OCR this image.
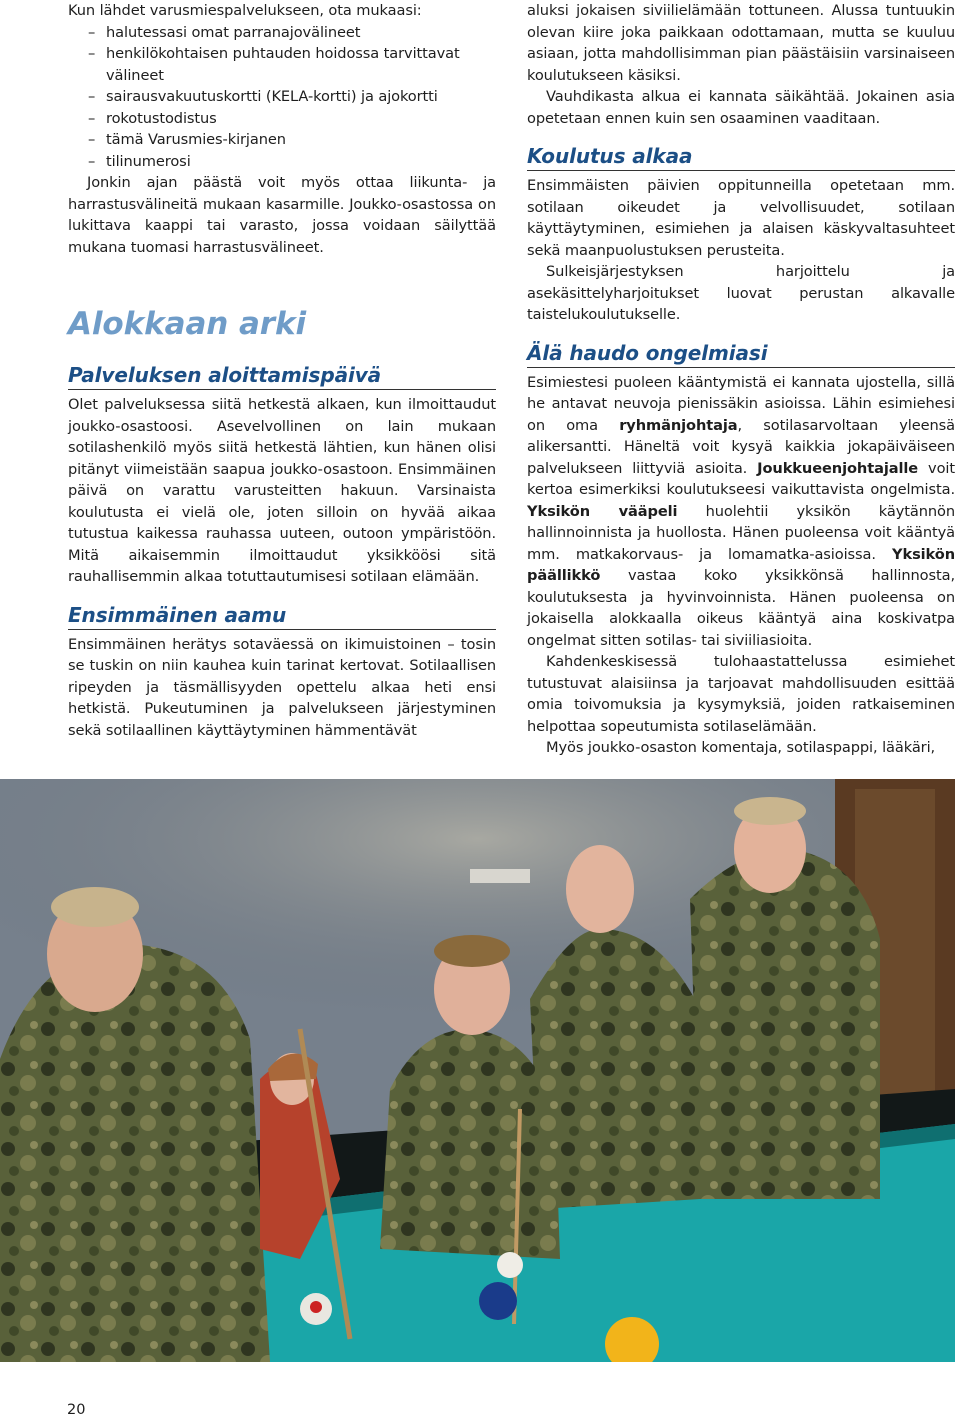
Kun lähdet varusmiespalvelukseen, ota mukaasi:

– halutessasi omat parranajovälineet
– henkilökohtaisen puhtauden hoidossa tarvittavat välineet
– sairausvakuutuskortti (KELA-kortti) ja ajokortti
– rokotustodistus
– tämä Varusmies-kirjanen
– tilinumerosi

Jonkin ajan päästä voit myös ottaa liikunta- ja harrastusvälineitä mukaan kasarmille. Joukko-osastossa on lukittava kaappi tai varasto, jossa voidaan säilyttää mukana tuomasi harrastusvälineet.

Alokkaan arki
Palveluksen aloittamispäivä

Olet palveluksessa siitä hetkestä alkaen, kun ilmoittaudut joukko-osastoosi. Asevelvollinen on lain mukaan sotilashenkilö myös siitä hetkestä lähtien, kun hänen olisi pitänyt viimeistään saapua joukko-osastoon. Ensimmäinen päivä on varattu varusteitten hakuun. Varsinaista koulutusta ei vielä ole, joten silloin on hyvää aikaa tutustua kaikessa rauhassa uuteen, outoon ympäristöön. Mitä aikaisemmin ilmoittaudut yksikköösi sitä rauhallisemmin alkaa totuttautumisesi sotilaan elämään.

Ensimmäinen aamu

Ensimmäinen herätys sotaväessä on ikimuistoinen – tosin se tuskin on niin kauhea kuin tarinat kertovat. Sotilaallisen ripeyden ja täsmällisyyden opettelu alkaa heti ensi hetkistä. Pukeutuminen ja palvelukseen järjestyminen sekä sotilaallinen käyttäytyminen hämmentävät

aluksi jokaisen siviilielämään tottuneen. Alussa tuntuukin olevan kiire joka paikkaan odottamaan, mutta se kuuluu asiaan, jotta mahdollisimman pian päästäisiin varsinaiseen koulutukseen käsiksi.

Vauhdikasta alkua ei kannata säikähtää. Jokainen asia opetetaan ennen kuin sen osaaminen vaaditaan.

Koulutus alkaa

Ensimmäisten päivien oppitunneilla opetetaan mm. sotilaan oikeudet ja velvollisuudet, sotilaan käyttäytyminen, esimiehen ja alaisen käskyvaltasuhteet sekä maanpuolustuksen perusteita.

Sulkeisjärjestyksen harjoittelu ja asekäsittelyharjoitukset luovat perustan alkavalle taistelukoulutukselle.

Älä haudo ongelmiasi

Esimiestesi puoleen kääntymistä ei kannata ujostella, sillä he antavat neuvoja pienissäkin asioissa. Lähin esimiehesi on oma ryhmänjohtaja, sotilasarvoltaan yleensä alikersantti. Häneltä voit kysyä kaikkia jokapäiväiseen palvelukseen liittyviä asioita. Joukkueenjohtajalle voit kertoa esimerkiksi koulutukseesi vaikuttavista ongelmista. Yksikön vääpeli huolehtii yksikön käytännön hallinnoinnista ja huollosta. Hänen puoleensa voit kääntyä mm. matkakorvaus- ja lomamatka-asioissa. Yksikön päällikkö vastaa koko yksikkönsä hallinnosta, koulutuksesta ja hyvinvoinnista. Hänen puoleensa on jokaisella alokkaalla oikeus kääntyä aina koskivatpa ongelmat sitten sotilas- tai siviiliasioita.

Kahdenkeskisessä tulohaastattelussa esimiehet tutustuvat alaisiinsa ja tarjoavat mahdollisuuden esittää omia toivomuksia ja kysymyksiä, joiden ratkaiseminen helpottaa sopeutumista sotilaselämään.

Myös joukko-osaston komentaja, sotilaspappi, lääkäri,

20
